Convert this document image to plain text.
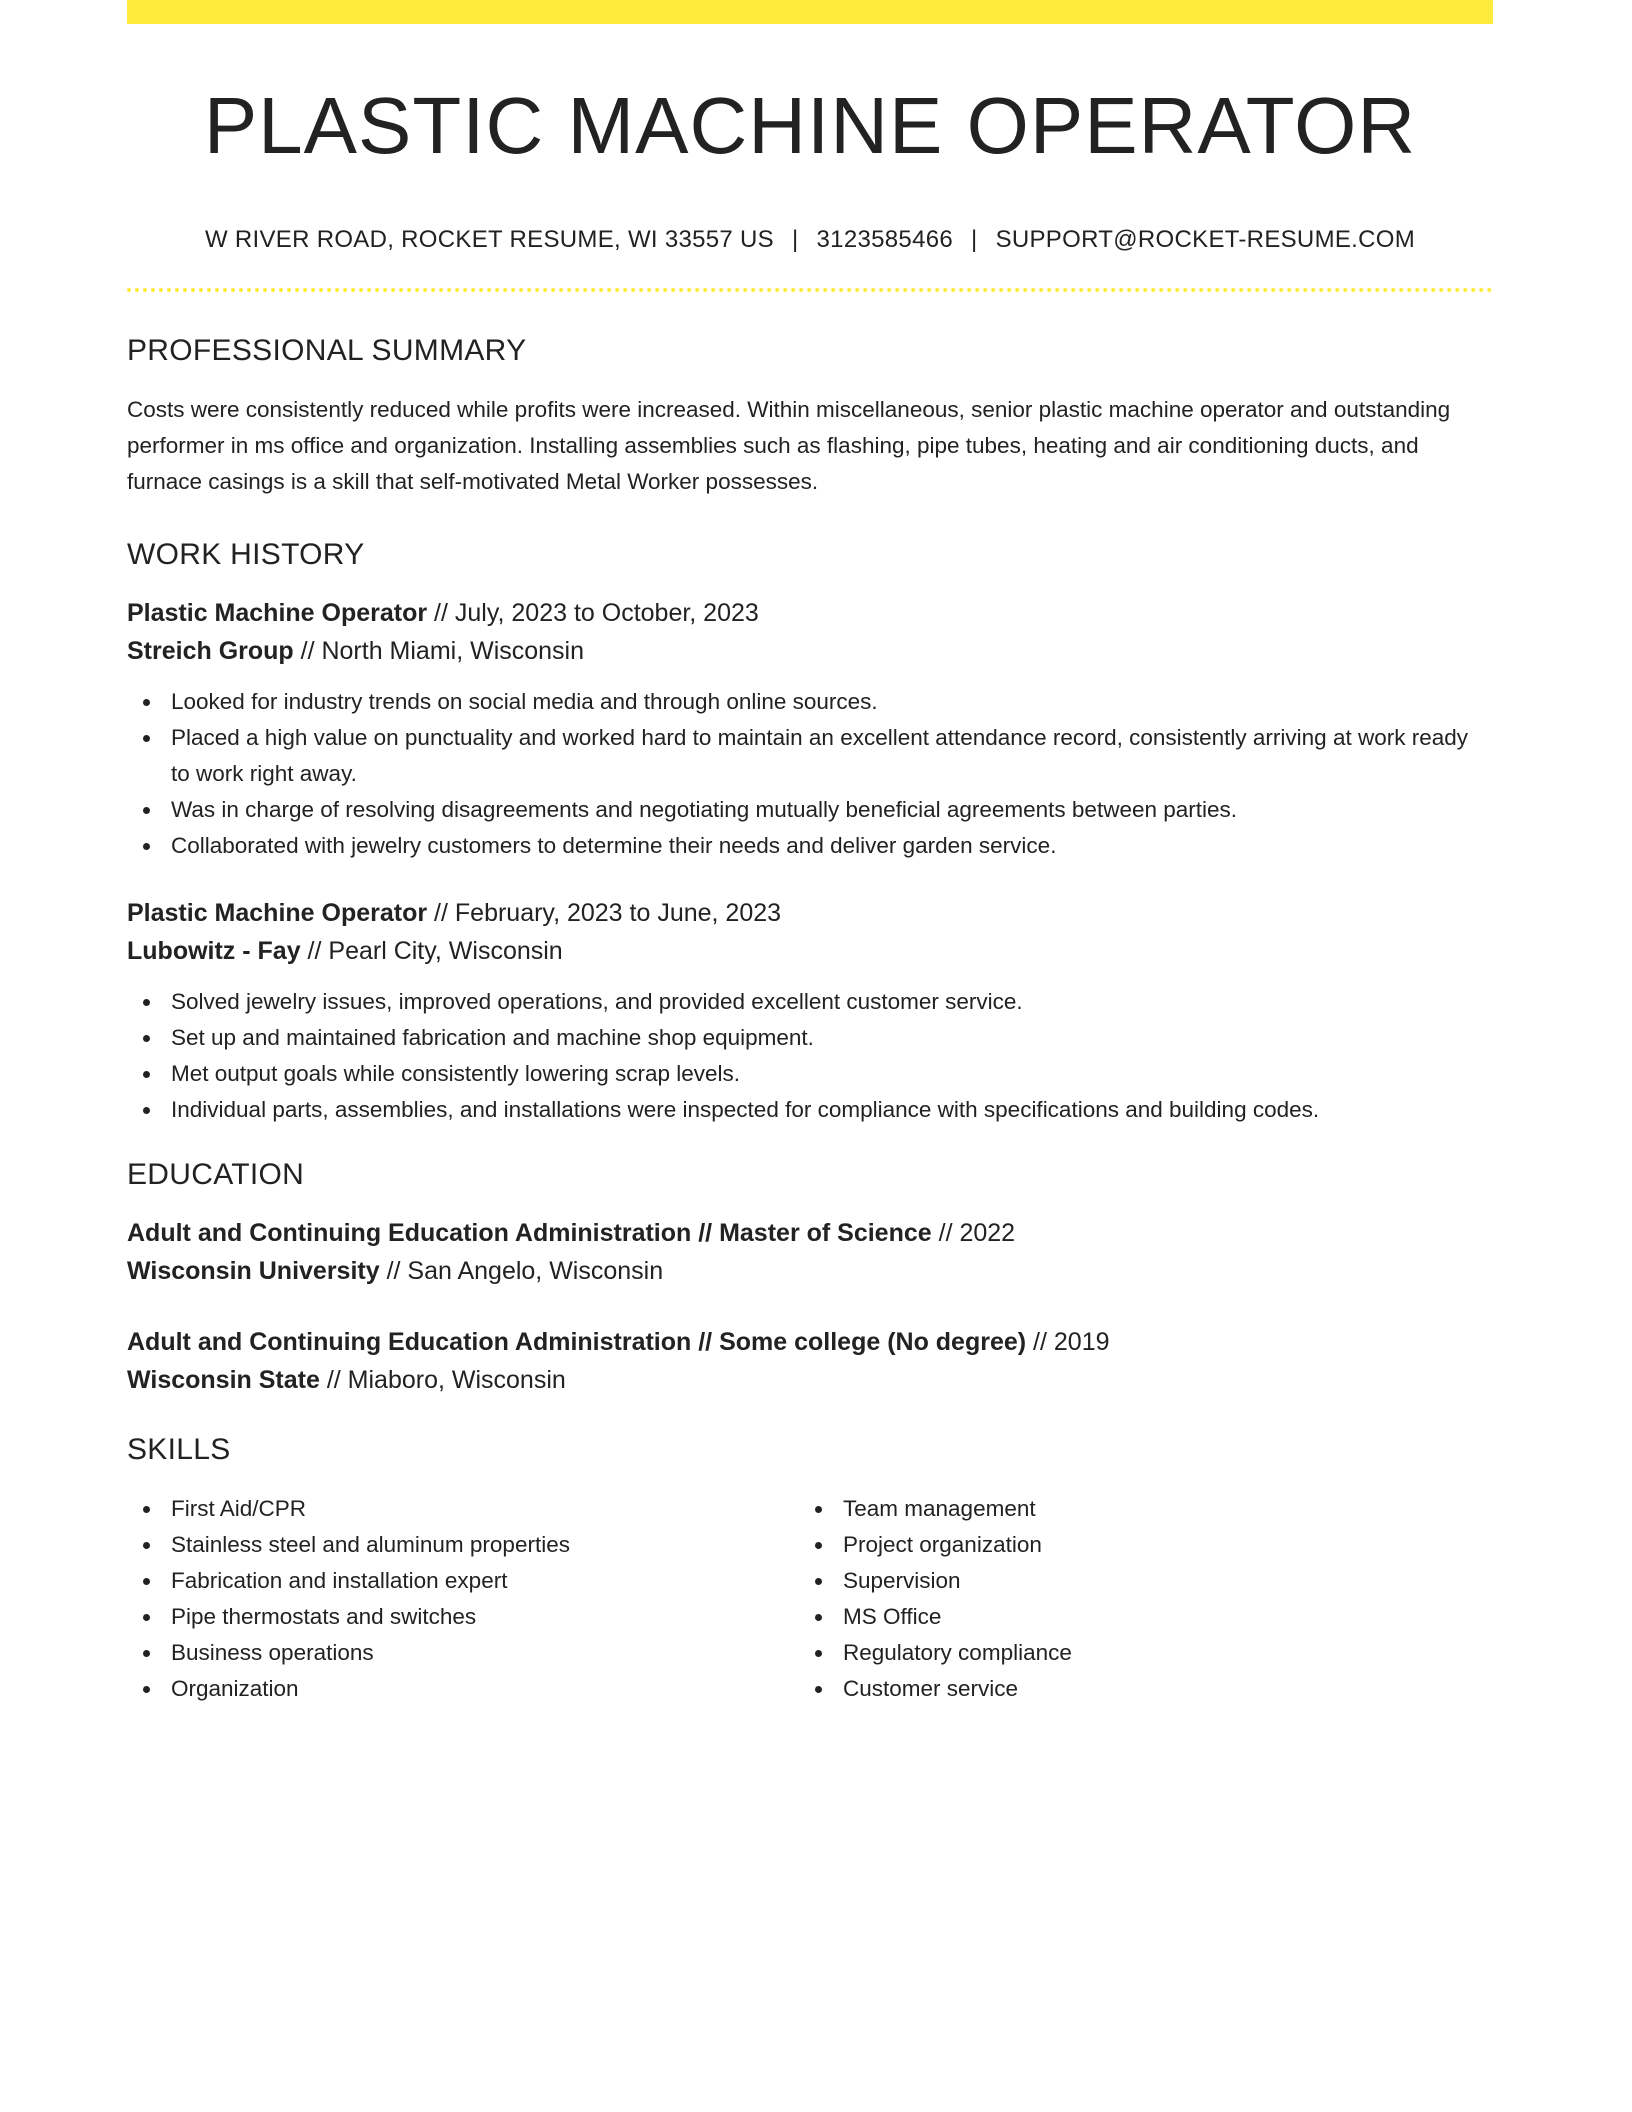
PLASTIC MACHINE OPERATOR
W RIVER ROAD, ROCKET RESUME, WI 33557 US | 3123585466 | SUPPORT@ROCKET-RESUME.COM
PROFESSIONAL SUMMARY

Costs were consistently reduced while profits were increased. Within miscellaneous, senior plastic machine operator and outstanding performer in ms office and organization. Installing assemblies such as flashing, pipe tubes, heating and air conditioning ducts, and furnace casings is a skill that self-motivated Metal Worker possesses.

WORK HISTORY
Plastic Machine Operator // July, 2023 to October, 2023
Streich Group // North Miami, Wisconsin
Looked for industry trends on social media and through online sources.
Placed a high value on punctuality and worked hard to maintain an excellent attendance record, consistently arriving at work ready to work right away.
Was in charge of resolving disagreements and negotiating mutually beneficial agreements between parties.
Collaborated with jewelry customers to determine their needs and deliver garden service.
Plastic Machine Operator // February, 2023 to June, 2023
Lubowitz - Fay // Pearl City, Wisconsin
Solved jewelry issues, improved operations, and provided excellent customer service.
Set up and maintained fabrication and machine shop equipment.
Met output goals while consistently lowering scrap levels.
Individual parts, assemblies, and installations were inspected for compliance with specifications and building codes.
EDUCATION
Adult and Continuing Education Administration // Master of Science // 2022
Wisconsin University // San Angelo, Wisconsin
Adult and Continuing Education Administration // Some college (No degree) // 2019
Wisconsin State // Miaboro, Wisconsin
SKILLS
First Aid/CPR
Stainless steel and aluminum properties
Fabrication and installation expert
Pipe thermostats and switches
Business operations
Organization
Team management
Project organization
Supervision
MS Office
Regulatory compliance
Customer service
